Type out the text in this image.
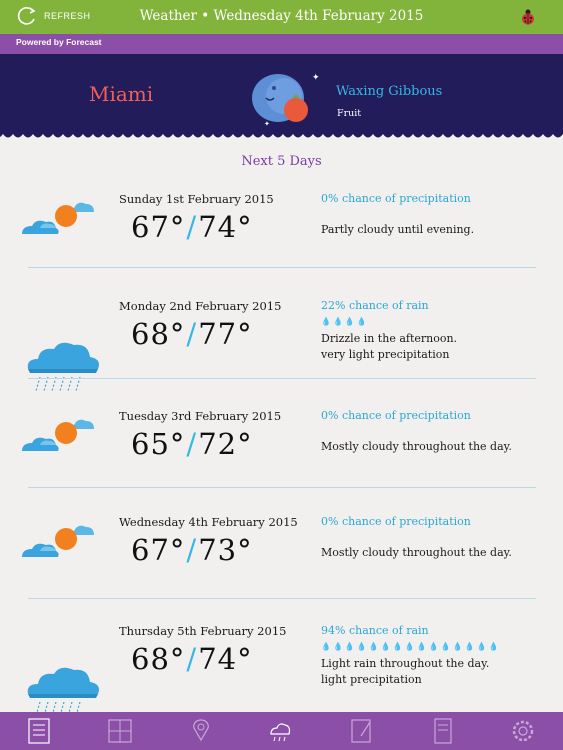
REFRESH	Weather • Wednesday 4th February 2015
Powered by Forecast
Miami
✦
✦
Waxing Gibbous
Fruit
Next 5 Days
Sunday 1st February 2015
67°/74°
0% chance of precipitation
Partly cloudy until evening.
Monday 2nd February 2015
68°/77°
22% chance of rain
💧💧💧💧
Drizzle in the afternoon.
very light precipitation
Tuesday 3rd February 2015
65°/72°
0% chance of precipitation
Mostly cloudy throughout the day.
Wednesday 4th February 2015
67°/73°
0% chance of precipitation
Mostly cloudy throughout the day.
Thursday 5th February 2015
68°/74°
94% chance of rain
💧💧💧💧💧💧💧💧💧💧💧💧💧💧💧
Light rain throughout the day.
light precipitation
